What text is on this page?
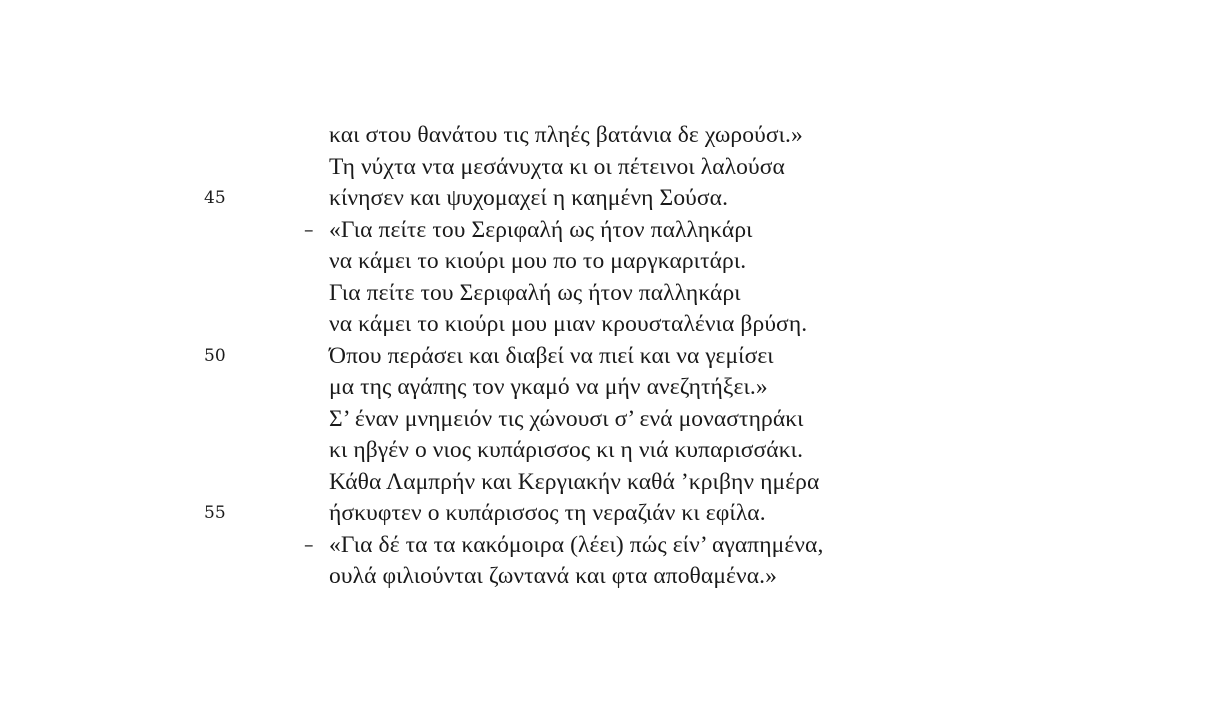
και στου θανάτου τις πληές βατάνια δε χωρούσι.»
Τη νύχτα ντα μεσάνυχτα κι οι πέτεινοι λαλούσα
45	κίνησεν και ψυχομαχεί η καημένη Σούσα.
– «Για πείτε του Σεριφαλή ως ήτον παλληκάρι
να κάμει το κιούρι μου πο το μαργκαριτάρι.
Για πείτε του Σεριφαλή ως ήτον παλληκάρι
να κάμει το κιούρι μου μιαν κρουσταλένια βρύση.
50	Όπου περάσει και διαβεί να πιεί και να γεμίσει
μα της αγάπης τον γκαμό να μήν ανεζητήξει.»
Σ’ έναν μνημειόν τις χώνουσι σ’ ενά μοναστηράκι
κι ηβγέν ο νιος κυπάρισσος κι η νιά κυπαρισσάκι.
Κάθα Λαμπρήν και Κεργιακήν καθά ’κριβην ημέρα
55	ήσκυφτεν ο κυπάρισσος τη νεραζιάν κι εφίλα.
– «Για δέ τα τα κακόμοιρα (λέει) πώς είν’ αγαπημένα,
ουλά φιλιούνται ζωντανά και φτα αποθαμένα.»
